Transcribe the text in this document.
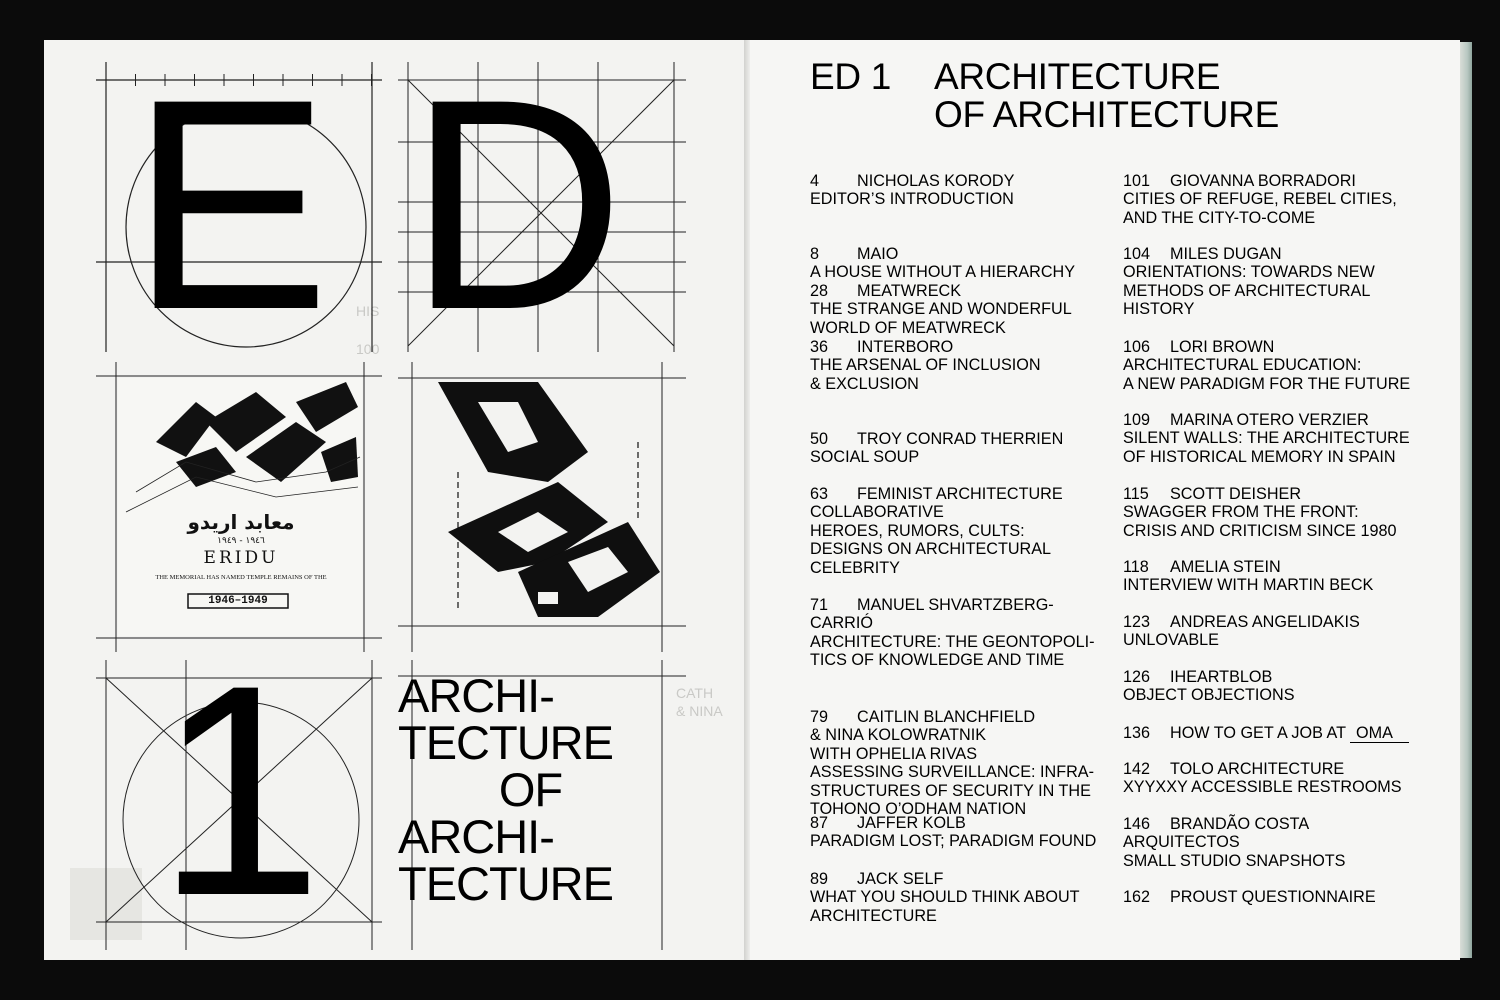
HIS
100
CATH
& NINA
E D
معابد اريدو
١٩٤٦ - ١٩٤٩
ERIDU
THE MEMORIAL HAS NAMED TEMPLE REMAINS OF THE
1946–1949
1 ARCHI-
TECTURE
OF
ARCHI-
TECTURE
ED 1 ARCHITECTURE
OF ARCHITECTURE
4 NICHOLAS KORODY
EDITOR’S INTRODUCTION
8 MAIO
A HOUSE WITHOUT A HIERARCHY
28 MEATWRECK
THE STRANGE AND WONDERFUL
WORLD OF MEATWRECK
36 INTERBORO
THE ARSENAL OF INCLUSION
& EXCLUSION
50 TROY CONRAD THERRIEN
SOCIAL SOUP
63 FEMINIST ARCHITECTURE
COLLABORATIVE
HEROES, RUMORS, CULTS:
DESIGNS ON ARCHITECTURAL
CELEBRITY
71 MANUEL SHVARTZBERG-
CARRIÓ
ARCHITECTURE: THE GEONTOPOLI-
TICS OF KNOWLEDGE AND TIME
79 CAITLIN BLANCHFIELD
& NINA KOLOWRATNIK
WITH OPHELIA RIVAS
ASSESSING SURVEILLANCE: INFRA-
STRUCTURES OF SECURITY IN THE
TOHONO O’ODHAM NATION
87 JAFFER KOLB
PARADIGM LOST; PARADIGM FOUND
89 JACK SELF
WHAT YOU SHOULD THINK ABOUT
ARCHITECTURE
101 GIOVANNA BORRADORI
CITIES OF REFUGE, REBEL CITIES,
AND THE CITY-TO-COME
104 MILES DUGAN
ORIENTATIONS: TOWARDS NEW
METHODS OF ARCHITECTURAL
HISTORY
106 LORI BROWN
ARCHITECTURAL EDUCATION:
A NEW PARADIGM FOR THE FUTURE
109 MARINA OTERO VERZIER
SILENT WALLS: THE ARCHITECTURE
OF HISTORICAL MEMORY IN SPAIN
115 SCOTT DEISHER
SWAGGER FROM THE FRONT:
CRISIS AND CRITICISM SINCE 1980
118 AMELIA STEIN
INTERVIEW WITH MARTIN BECK
123 ANDREAS ANGELIDAKIS
UNLOVABLE
126 IHEARTBLOB
OBJECT OBJECTIONS
136 HOW TO GET A JOB AT OMA
142 TOLO ARCHITECTURE
XYYXXY ACCESSIBLE RESTROOMS
146 BRANDÃO COSTA
ARQUITECTOS
SMALL STUDIO SNAPSHOTS
162 PROUST QUESTIONNAIRE
